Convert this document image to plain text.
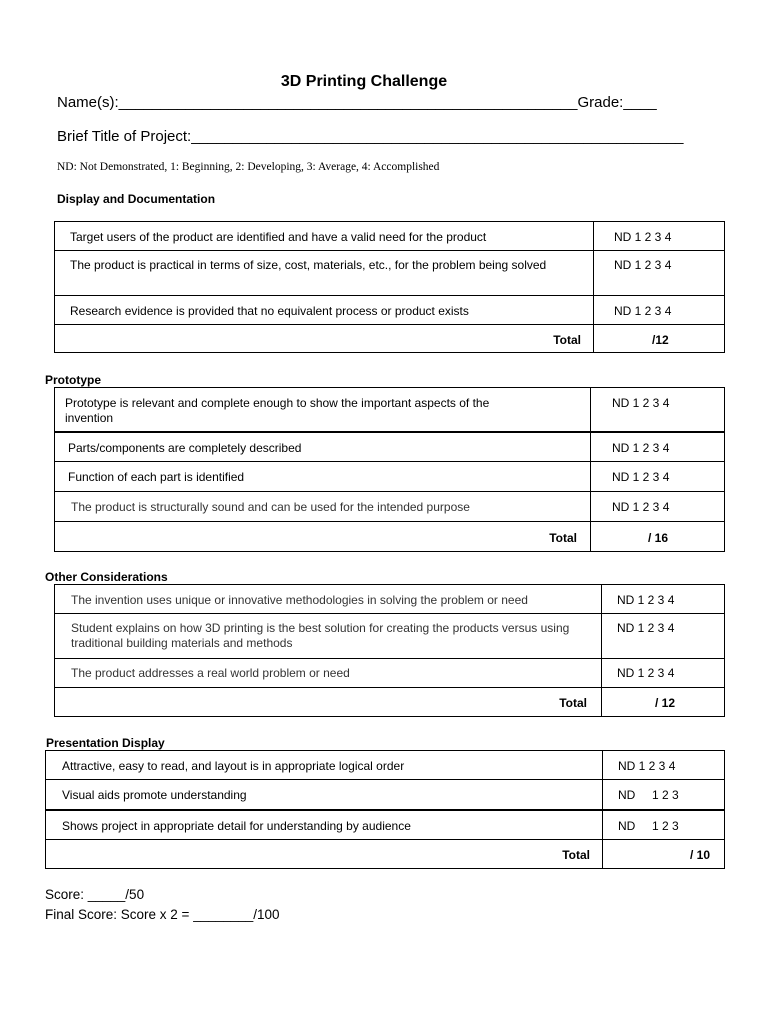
3D Printing Challenge
Name(s):_______________________________________________________Grade:____
Brief Title of Project:___________________________________________________________
ND: Not Demonstrated, 1: Beginning, 2: Developing, 3: Average, 4: Accomplished
Display and Documentation
Target users of the product are identified and have a valid need for the product	ND 1 2 3 4

The product is practical in terms of size, cost, materials, etc., for the problem being solved	ND 1 2 3 4

Research evidence is provided that no equivalent process or product exists	ND 1 2 3 4

Total	/12
Prototype
Prototype is relevant and complete enough to show the important aspects of the invention	ND 1 2 3 4

Parts/components are completely described	ND 1 2 3 4

Function of each part is identified	ND 1 2 3 4

The product is structurally sound and can be used for the intended purpose	ND 1 2 3 4

Total	/ 16
Other Considerations
The invention uses unique or innovative methodologies in solving the problem or need	ND 1 2 3 4

Student explains on how 3D printing is the best solution for creating the products versus using traditional building materials and methods	ND 1 2 3 4

The product addresses a real world problem or need	ND 1 2 3 4

Total	/ 12
Presentation Display
Attractive, easy to read, and layout is in appropriate logical order	ND 1 2 3 4

Visual aids promote understanding	ND     1 2 3

Shows project in appropriate detail for understanding by audience	ND     1 2 3

Total	/ 10
Score: _____/50
Final Score: Score x 2 = ________/100
